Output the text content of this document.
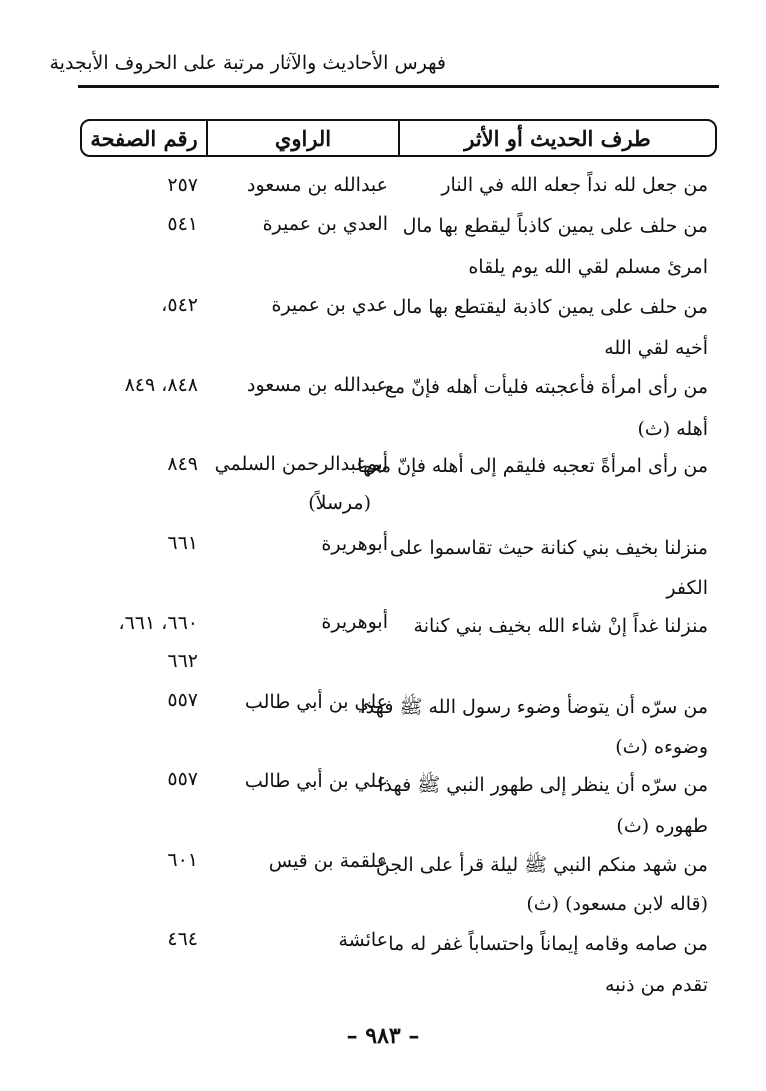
فهرس الأحاديث والآثار مرتبة على الحروف الأبجدية
طرف الحديث أو الأثر
الراوي
رقم الصفحة
من جعل لله نداً جعله الله في النار
عبدالله بن مسعود
٢٥٧
من حلف على يمين كاذباً ليقطع بها مال
امرئ مسلم لقي الله يوم يلقاه
العدي بن عميرة
٥٤١
من حلف على يمين كاذبة ليقتطع بها مال
أخيه لقي الله
عدي بن عميرة
٥٤٢،
من رأى امرأة فأعجبته فليأت أهله فإنّ مع
أهله (ث)
عبدالله بن مسعود
٨٤٨، ٨٤٩
من رأى امرأةً تعجبه فليقم إلى أهله فإنّ معها
أبوعبدالرحمن السلمي
(مرسلاً)
٨٤٩
منزلنا بخيف بني كنانة حيث تقاسموا على
الكفر
أبوهريرة
٦٦١
منزلنا غداً إنْ شاء الله بخيف بني كنانة
أبوهريرة
٦٦٠، ٦٦١،
٦٦٢
من سرّه أن يتوضأ وضوء رسول الله ﷺ فهذا
وضوءه (ث)
علي بن أبي طالب
٥٥٧
من سرّه أن ينظر إلى طهور النبي ﷺ فهذا
طهوره (ث)
علي بن أبي طالب
٥٥٧
من شهد منكم النبي ﷺ ليلة قرأ على الجنّ
(قاله لابن مسعود) (ث)
علقمة بن قيس
٦٠١
من صامه وقامه إيماناً واحتساباً غفر له ما
تقدم من ذنبه
عائشة
٤٦٤
– ٩٨٣ –
